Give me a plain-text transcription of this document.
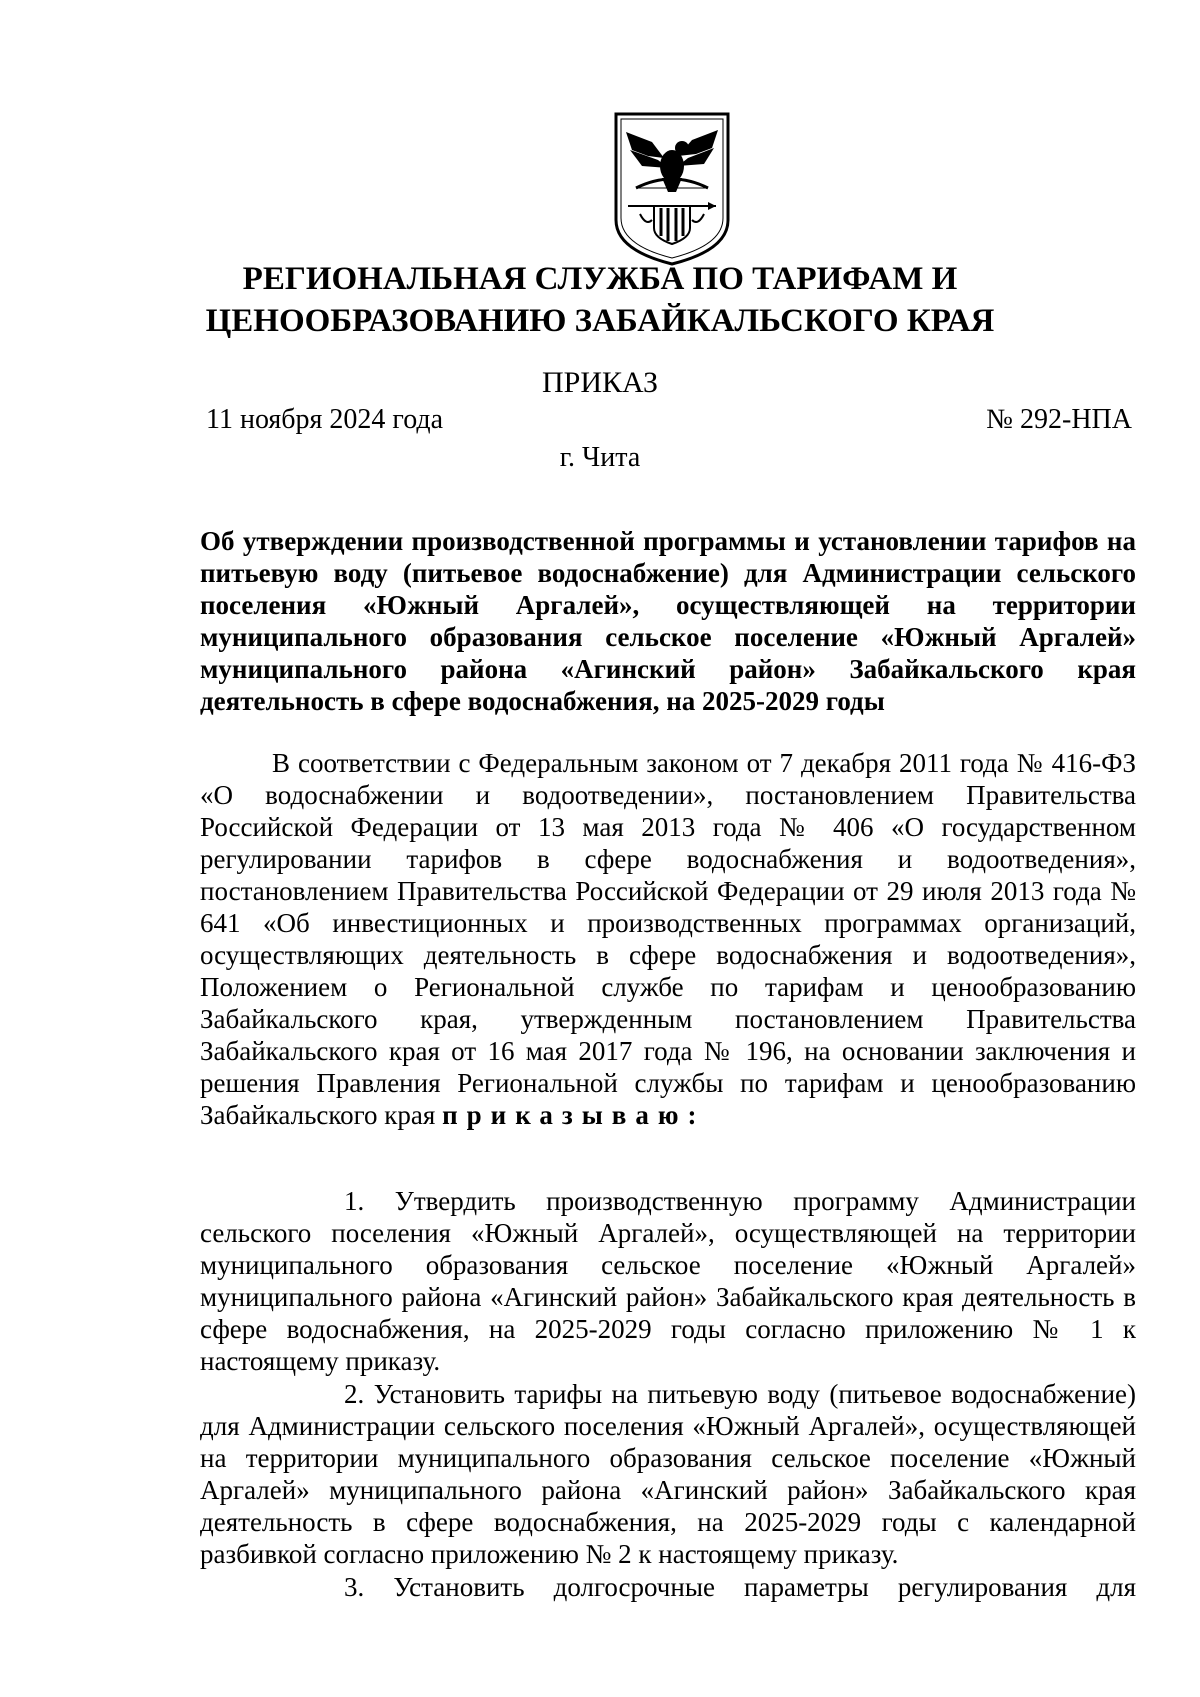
РЕГИОНАЛЬНАЯ СЛУЖБА ПО ТАРИФАМ И
ЦЕНООБРАЗОВАНИЮ ЗАБАЙКАЛЬСКОГО КРАЯ
ПРИКАЗ
11 ноября 2024 года	№ 292-НПА
г. Чита

Об утверждении производственной программы и установлении тарифов на питьевую воду (питьевое водоснабжение) для Администрации сельского поселения «Южный Аргалей», осуществляющей на территории муниципального образования сельское поселение «Южный Аргалей» муниципального района «Агинский район» Забайкальского края деятельность в сфере водоснабжения, на 2025-2029 годы

В соответствии с Федеральным законом от 7 декабря 2011 года № 416-ФЗ «О водоснабжении и водоотведении», постановлением Правительства Российской Федерации от 13 мая 2013 года № 406 «О государственном регулировании тарифов в сфере водоснабжения и водоотведения», постановлением Правительства Российской Федерации от 29 июля 2013 года № 641 «Об инвестиционных и производственных программах организаций, осуществляющих деятельность в сфере водоснабжения и водоотведения», Положением о Региональной службе по тарифам и ценообразованию Забайкальского края, утвержденным постановлением Правительства Забайкальского края от 16 мая 2017 года № 196, на основании заключения и решения Правления Региональной службы по тарифам и ценообразованию Забайкальского края приказываю:

1. Утвердить производственную программу Администрации сельского поселения «Южный Аргалей», осуществляющей на территории муниципального образования сельское поселение «Южный Аргалей» муниципального района «Агинский район» Забайкальского края деятельность в сфере водоснабжения, на 2025-2029 годы согласно приложению № 1 к настоящему приказу.

2. Установить тарифы на питьевую воду (питьевое водоснабжение) для Администрации сельского поселения «Южный Аргалей», осуществляющей на территории муниципального образования сельское поселение «Южный Аргалей» муниципального района «Агинский район» Забайкальского края деятельность в сфере водоснабжения, на 2025-2029 годы с календарной разбивкой согласно приложению № 2 к настоящему приказу.

3. Установить долгосрочные параметры регулирования для
